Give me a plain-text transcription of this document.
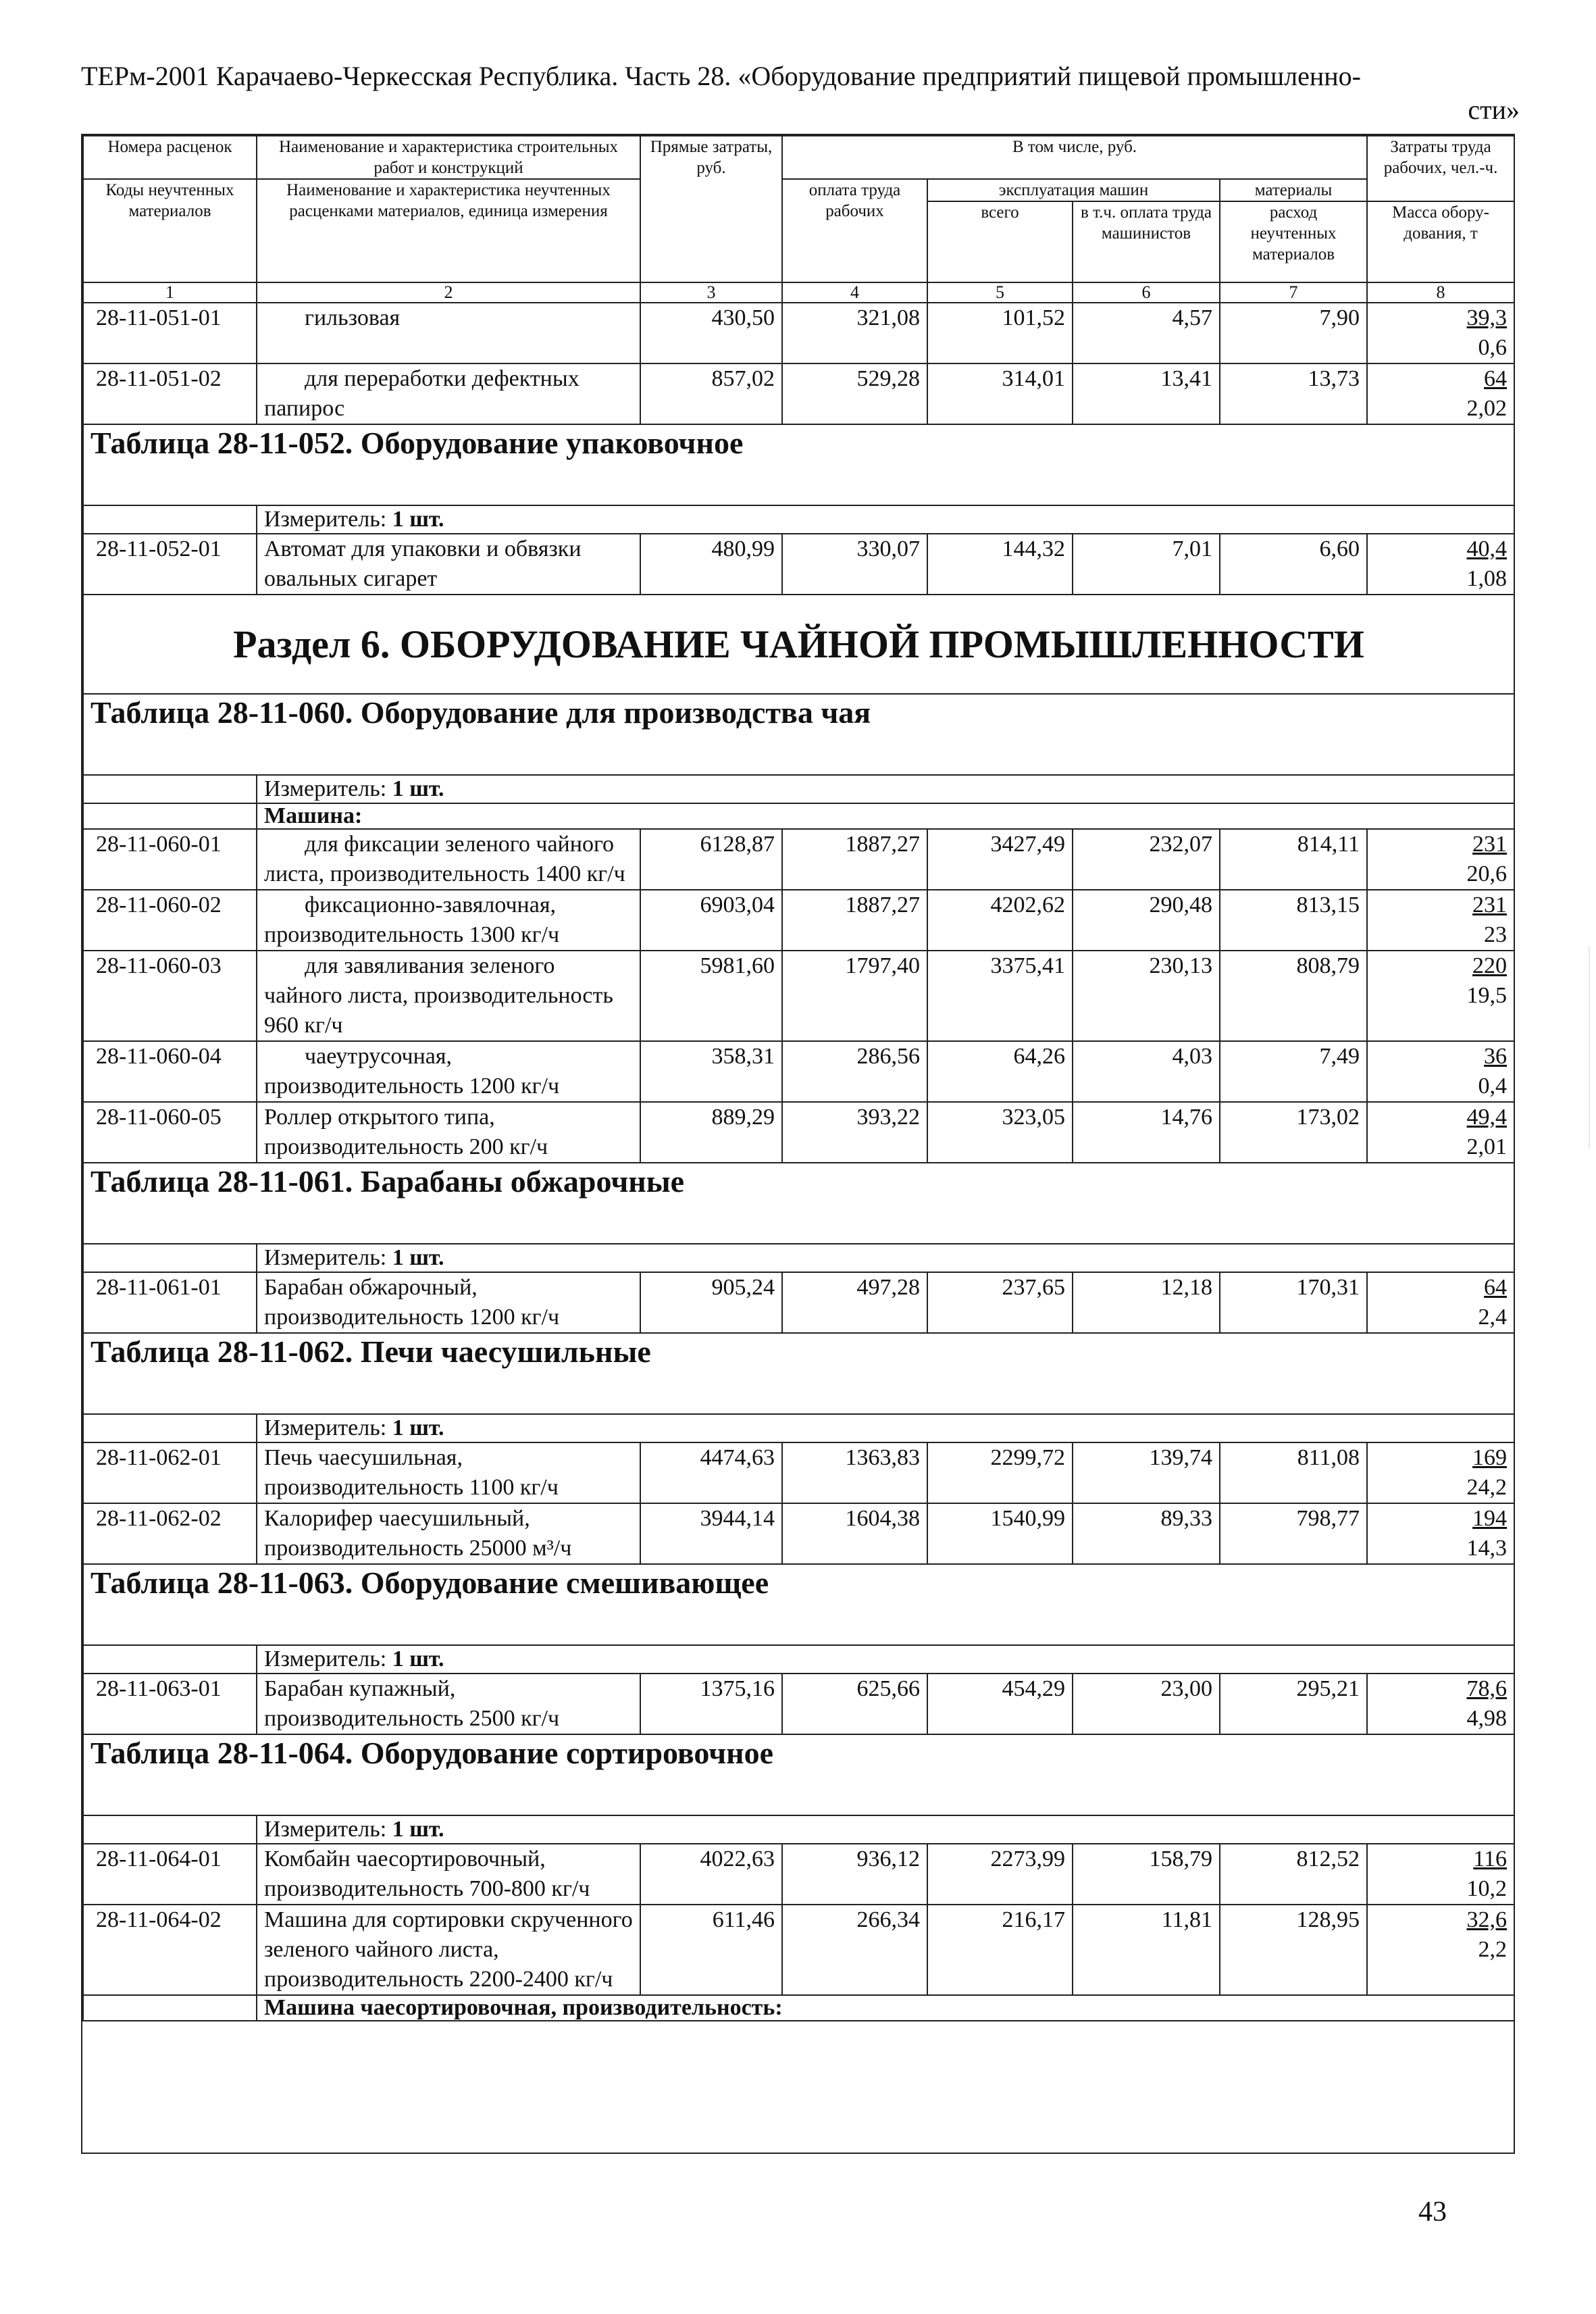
ТЕРм-2001 Карачаево-Черкесская Республика. Часть 28. «Оборудование предприятий пищевой промышленно-
сти»
Номера расценок	Наименование и характеристика строительных работ и конструкций	Прямые затраты, руб.	В том числе, руб.				Затраты труда рабочих, чел.-ч.
Коды неучтенных материалов	Наименование и характеристика неучтенных расценками материалов, единица измерения		оплата труда рабочих	эксплуатация машин		материалы	
				всего	в т.ч. оплата труда машинистов	расход неучтенных материалов	Масса обору-дования, т
1	2	3	4	5	6	7	8
28-11-051-01	гильзовая	430,50	321,08	101,52	4,57	7,90	39,3
0,6

28-11-051-02	для переработки дефектных папирос	857,02	529,28	314,01	13,41	13,73	64
2,02

Таблица 28-11-052. Оборудование упаковочное							
	Измеритель: 1 шт.						
28-11-052-01	Автомат для упаковки и обвязки овальных сигарет	480,99	330,07	144,32	7,01	6,60	40,4
1,08

Раздел 6. ОБОРУДОВАНИЕ ЧАЙНОЙ ПРОМЫШЛЕННОСТИ							
Таблица 28-11-060. Оборудование для производства чая							
	Измеритель: 1 шт.						
	Машина:						
28-11-060-01	для фиксации зеленого чайного листа, производительность 1400 кг/ч	6128,87	1887,27	3427,49	232,07	814,11	231
20,6

28-11-060-02	фиксационно-завялочная, производительность 1300 кг/ч	6903,04	1887,27	4202,62	290,48	813,15	231
23

28-11-060-03	для завяливания зеленого чайного листа, производительность 960 кг/ч	5981,60	1797,40	3375,41	230,13	808,79	220
19,5

28-11-060-04	чаеутрусочная, производительность 1200 кг/ч	358,31	286,56	64,26	4,03	7,49	36
0,4

28-11-060-05	Роллер открытого типа, производительность 200 кг/ч	889,29	393,22	323,05	14,76	173,02	49,4
2,01

Таблица 28-11-061. Барабаны обжарочные							
	Измеритель: 1 шт.						
28-11-061-01	Барабан обжарочный, производительность 1200 кг/ч	905,24	497,28	237,65	12,18	170,31	64
2,4

Таблица 28-11-062. Печи чаесушильные							
	Измеритель: 1 шт.						
28-11-062-01	Печь чаесушильная, производительность 1100 кг/ч	4474,63	1363,83	2299,72	139,74	811,08	169
24,2

28-11-062-02	Калорифер чаесушильный, производительность 25000 м³/ч	3944,14	1604,38	1540,99	89,33	798,77	194
14,3

Таблица 28-11-063. Оборудование смешивающее							
	Измеритель: 1 шт.						
28-11-063-01	Барабан купажный, производительность 2500 кг/ч	1375,16	625,66	454,29	23,00	295,21	78,6
4,98

Таблица 28-11-064. Оборудование сортировочное							
	Измеритель: 1 шт.						
28-11-064-01	Комбайн чаесортировочный, производительность 700-800 кг/ч	4022,63	936,12	2273,99	158,79	812,52	116
10,2

28-11-064-02	Машина для сортировки скрученного зеленого чайного листа, производительность 2200-2400 кг/ч	611,46	266,34	216,17	11,81	128,95	32,6
2,2

	Машина чаесортировочная, производительность:						
43
